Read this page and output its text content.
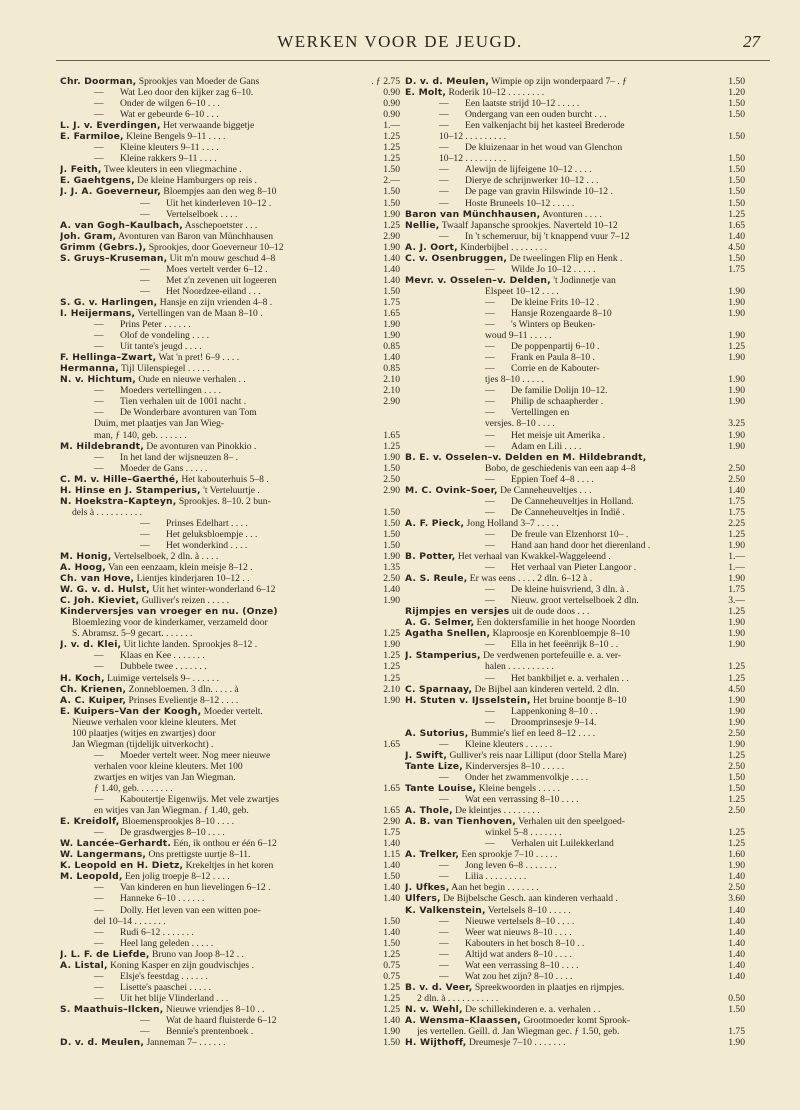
WERKEN VOOR DE JEUGD.	27
Chr. Doorman, Sprookjes van Moeder de Gans	. ƒ 2.75
— Wat Leo door den kijker zag 6–10.	0.90
— Onder de wilgen 6–10 . . .	0.90
— Wat er gebeurde 6–10 . . .	0.90
L. J. v. Everdingen, Het verwaande biggetje	1.—
E. Farmiloe, Kleine Bengels 9–11 . . . .	1.25
— Kleine kleuters 9–11 . . . .	1.25
— Kleine rakkers 9–11 . . . .	1.25
J. Feith, Twee kleuters in een vliegmachine .	1.50
E. Gaehtgens, De kleine Hamburgers op reis .	2.—
J. J. A. Goeverneur, Bloempjes aan den weg 8–10	1.50
— Uit het kinderleven 10–12 .	1.50
— Vertelselboek . . . .	1.90
A. van Gogh–Kaulbach, Asschepoetster . . .	1.25
Joh. Gram, Avonturen van Baron van Münchhausen	2.90
Grimm (Gebrs.), Sprookjes, door Goeverneur 10–12	1.90
S. Gruys–Kruseman, Uit m'n mouw geschud 4–8	1.40
— Moes vertelt verder 6–12 .	1.40
— Met z'n zevenen uit logeeren	1.40
— Het Noordzee-eiland . . .	1.50
S. G. v. Harlingen, Hansje en zijn vrienden 4–8 .	1.75
I. Heijermans, Vertellingen van de Maan 8–10 .	1.65
— Prins Peter . . . . . .	1.90
— Olof de vondeling . . . .	1.90
— Uit tante's jeugd . . . .	0.85
F. Hellinga–Zwart, Wat 'n pret! 6–9 . . . .	1.40
Hermanna, Tijl Uilenspiegel . . . . .	0.85
N. v. Hichtum, Oude en nieuwe verhalen . .	2.10
— Moeders vertellingen . . . .	2.10
— Tien verhalen uit de 1001 nacht .	2.90
— De Wonderbare avonturen van Tom
Duim, met plaatjes van Jan Wieg-
man, ƒ 140, geb. . . . . . .	1.65
M. Hildebrandt, De avonturen van Pinokkio .	1.25
— In het land der wijsneuzen 8– .	1.90
— Moeder de Gans . . . . .	1.50
C. M. v. Hille–Gaerthé, Het kabouterhuis 5–8 .	2.50
H. Hinse en J. Stamperius, 't Verteluurtje .	2.90
N. Hoekstra–Kapteyn, Sprookjes. 8–10. 2 bun-
dels à . . . . . . . . . .	1.50
— Prinses Edelhart . . . .	1.50
— Het geluksbloempje . . .	1.50
— Het wonderkind . . . .	1.50
M. Honig, Vertelselboek, 2 dln. à . . . .	1.90
A. Hoog, Van een eenzaam, klein meisje 8–12 .	1.35
Ch. van Hove, Lientjes kinderjaren 10–12 . .	2.50
W. G. v. d. Hulst, Uit het winter-wonderland 6–12	1.40
C. Joh. Kieviet, Gulliver's reizen . . . . .	1.90
Kinderversjes van vroeger en nu. (Onze)
Bloemlezing voor de kinderkamer, verzameld door
S. Abramsz. 5–9 gecart. . . . . . .	1.25
J. v. d. Klei, Uit lichte landen. Sprookjes 8–12 .	1.90
— Klaas en Kee . . . . . . .	1.25
— Dubbele twee . . . . . . .	1.25
H. Koch, Luimige vertelsels 9– . . . . . .	1.25
Ch. Krienen, Zonnebloemen. 3 dln. . . . . à	2.10
A. C. Kuiper, Prinses Evelientje 8–12 . . . .	1.90
E. Kuipers–Van der Koogh, Moeder vertelt.
Nieuwe verhalen voor kleine kleuters. Met
100 plaatjes (witjes en zwartjes) door
Jan Wiegman (tijdelijk uitverkocht) .	1.65
— Moeder vertelt weer. Nog meer nieuwe
verhalen voor kleine kleuters. Met 100
zwartjes en witjes van Jan Wiegman.
ƒ 1.40, geb. . . . . . . .	1.65
— Kaboutertje Eigenwijs. Met vele zwartjes
en witjes van Jan Wiegman. ƒ 1.40, geb.	1.65
E. Kreidolf, Bloemensprookjes 8–10 . . . .	2.90
— De grasdwergjes 8–10 . . . .	1.75
W. Lancée–Gerhardt. Eén, ik onthou er één 6–12	1.40
W. Langermans, Ons prettigste uurtje 8–11.	1.15
K. Leopold en H. Dietz, Krekeltjes in het koren	1.40
M. Leopold, Een jolig troepje 8–12 . . . .	1.50
— Van kinderen en hun lievelingen 6–12 .	1.40
— Hanneke 6–10 . . . . . .	1.40
— Dolly. Het leven van een witten poe-
del 10–14 . . . . . . .	1.50
— Rudi 6–12 . . . . . . .	1.40
— Heel lang geleden . . . . .	1.50
J. L. F. de Liefde, Bruno van Joop 8–12 . .	1.25
A. Listal, Koning Kasper en zijn goudvischjes .	0.75
— Elsje's feestdag . . . . . .	0.75
— Lisette's paaschei . . . . .	1.25
— Uit het blije Vlinderland . . .	1.25
S. Maathuis–Ilcken, Nieuwe vriendjes 8–10 . .	1.25
— Wat de haard fluisterde 6–12	1.40
— Bennie's prentenboek .	1.90
D. v. d. Meulen, Janneman 7– . . . . . .	1.50
D. v. d. Meulen, Wimpie op zijn wonderpaard 7– . ƒ	1.50
E. Molt, Roderik 10–12 . . . . . . . .	1.20
— Een laatste strijd 10–12 . . . . .	1.50
— Ondergang van een ouden burcht . . .	1.50
— Een valkenjacht bij het kasteel Brederode
10–12 . . . . . . . . .	1.50
— De kluizenaar in het woud van Glenchon
10–12 . . . . . . . . .	1.50
— Alewijn de lijfeigene 10–12 . . . .	1.50
— Dierye de schrijnwerker 10–12 . . .	1.50
— De page van gravin Hilswinde 10–12 .	1.50
— Hoste Bruneels 10–12 . . . . .	1.50
Baron van Münchhausen, Avonturen . . . .	1.25
Nellie, Twaalf Japansche sprookjes. Naverteld 10–12	1.65
— In 't schemeruur, bij 't knappend vuur 7–12	1.40
A. J. Oort, Kinderbijbel . . . . . . . .	4.50
C. v. Osenbruggen, De tweelingen Flip en Henk .	1.50
— Wilde Jo 10–12 . . . . .	1.75
Mevr. v. Osselen–v. Delden, 't Jodinnetje van
Elspeet 10–12 . . . .	1.90
— De kleine Frits 10–12 .	1.90
— Hansje Rozengaarde 8–10	1.90
— 's Winters op Beuken-
woud 9–11 . . . . .	1.90
— De poppenpartij 6–10 .	1.25
— Frank en Paula 8–10 .	1.90
— Corrie en de Kabouter-
tjes 8–10 . . . . .	1.90
— De familie Dolijn 10–12.	1.90
— Philip de schaapherder .	1.90
— Vertellingen en
versjes. 8–10 . . . .	3.25
— Het meisje uit Amerika .	1.90
— Adam en Lili . . . .	1.90
B. E. v. Osselen–v. Delden en M. Hildebrandt,
Bobo, de geschiedenis van een aap 4–8	2.50
— Eppien Toef 4–8 . . . .	2.50
M. C. Ovink–Soer, De Canneheuveltjes . . .	1.40
— De Canneheuveltjes in Holland.	1.75
— De Canneheuveltjes in Indië .	1.75
A. F. Pieck, Jong Holland 3–7 . . . . .	2.25
— De freule van Elzenhorst 10– .	1.25
— Hand aan hand door het dierenland .	1.90
B. Potter, Het verhaal van Kwakkel-Waggeleend .	1.—
— Het verhaal van Pieter Langoor .	1.—
A. S. Reule, Er was eens . . . . 2 dln. 6–12 à .	1.90
— De kleine huisvriend, 3 dln. à .	1.75
— Nieuw. groot vertelselboek 2 dln.	3.—
Rijmpjes en versjes uit de oude doos . . .	1.25
A. G. Selmer, Een doktersfamilie in het hooge Noorden	1.90
Agatha Snellen, Klaproosje en Korenbloempje 8–10	1.90
— Ella in het feeënrijk 8–10 . .	1.90
J. Stamperius, De verdwenen portefeuille e. a. ver-
halen . . . . . . . . . .	1.25
— Het bankbiljet e. a. verhalen . .	1.25
C. Sparnaay, De Bijbel aan kinderen verteld. 2 dln.	4.50
H. Stuten v. IJsselstein, Het bruine boontje 8–10	1.90
— Lappenkoning 8–10 . .	1.90
— Droomprinsesje 9–14.	1.90
A. Sutorius, Bummie's lief en leed 8–12 . . . .	2.50
— Kleine kleuters . . . . . .	1.90
J. Swift, Gulliver's reis naar Lilliput (door Stella Mare)	1.25
Tante Lize, Kinderversjes 8–10 . . . . .	2.50
— Onder het zwammenvolkje . . . .	1.50
Tante Louise, Kleine bengels . . . . .	1.50
— Wat een verrassing 8–10 . . . .	1.25
A. Thole, De kleintjes . . . . . . . .	2.50
A. B. van Tienhoven, Verhalen uit den speelgoed-
winkel 5–8 . . . . . . .	1.25
— Verhalen uit Luilekkerland	1.25
A. Trelker, Een sprookje 7–10 . . . . .	1.60
— Jong leven 6–8 . . . . . . .	1.90
— Lilia . . . . . . . . .	1.40
J. Ufkes, Aan het begin . . . . . . .	2.50
Ulfers, De Bijbelsche Gesch. aan kinderen verhaald .	3.60
K. Valkenstein, Vertelsels 8–10 . . . . .	1.40
— Nieuwe vertelsels 8–10 . . . .	1.40
— Weer wat nieuws 8–10 . . . .	1.40
— Kabouters in het bosch 8–10 . .	1.40
— Altijd wat anders 8–10 . . . .	1.40
— Wat een verrassing 8–10 . . . .	1.40
— Wat zou het zijn? 8–10 . . . .	1.40
B. v. d. Veer, Spreekwoorden in plaatjes en rijmpjes.
2 dln. à . . . . . . . . . . .	0.50
N. v. Wehl, De schillekinderen e. a. verhalen . .	1.50
A. Wensma–Klaassen, Grootmoeder komt Sprook-
jes vertellen. Geïll. d. Jan Wiegman gec. ƒ 1.50, geb.	1.75
H. Wijthoff, Dreumesje 7–10 . . . . . . .	1.90
